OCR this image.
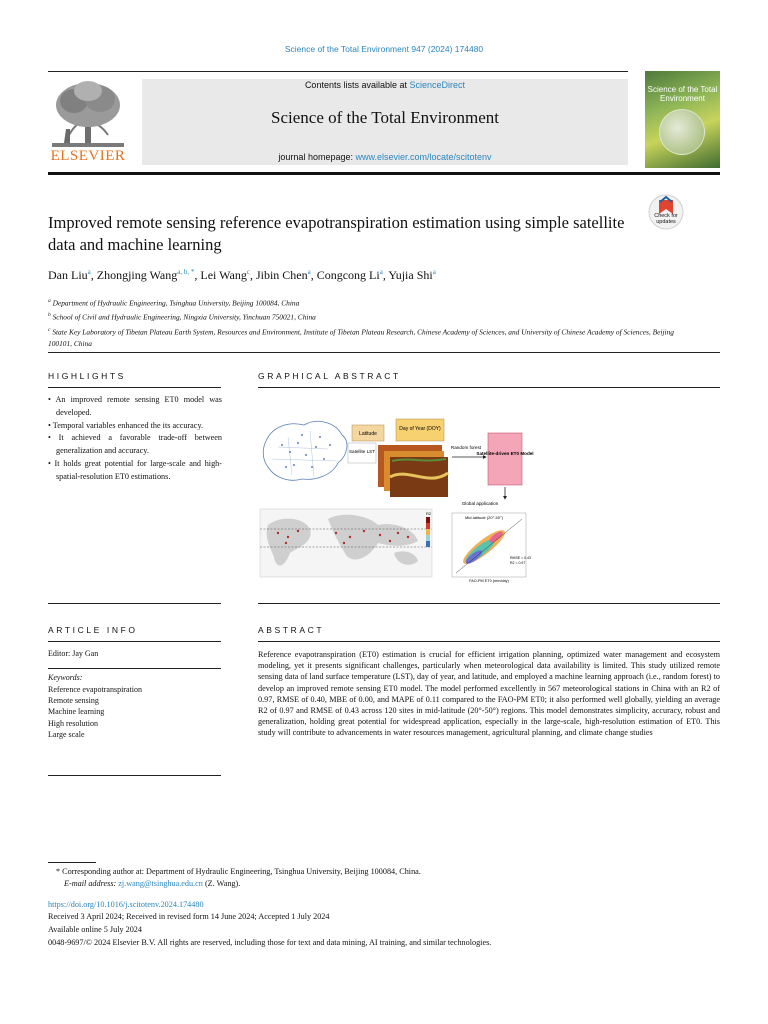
Science of the Total Environment 947 (2024) 174480
ELSEVIER
Contents lists available at ScienceDirect
Science of the Total Environment
journal homepage: www.elsevier.com/locate/scitotenv
Science of the Total Environment
Check for updates
Improved remote sensing reference evapotranspiration estimation using simple satellite data and machine learning
Dan Liu$^a$, Zhongjing Wang$^{a, b, *}$, Lei Wang$^c$, Jibin Chen$^a$, Congcong Li$^a$, Yujia Shi$^a$
$^a$ Department of Hydraulic Engineering, Tsinghua University, Beijing 100084, China
$^b$ School of Civil and Hydraulic Engineering, Ningxia University, Yinchuan 750021, China
$^c$ State Key Laboratory of Tibetan Plateau Earth System, Resources and Environment, Institute of Tibetan Plateau Research, Chinese Academy of Sciences, and University of Chinese Academy of Sciences, Beijing 100101, China
HIGHLIGHTS
• An improved remote sensing ET0 model was developed.
• Temporal variables enhanced the its accuracy.
• It achieved a favorable trade-off between generalization and accuracy.
• It holds great potential for large-scale and high-spatial-resolution ET0 estimations.
GRAPHICAL ABSTRACT
Latitude
Day of Year (DOY)
Satellite LST
Random forest
Satellite-driven ET0 Model
Global application
R2
Mid-latitude (20°-50°)
RMSE = 0.43
R2 = 0.97
FAO-PM ET0 (mm/day)
ARTICLE INFO
Editor: Jay Gan
Keywords:
Reference evapotranspiration
Remote sensing
Machine learning
High resolution
Large scale
ABSTRACT
Reference evapotranspiration (ET0) estimation is crucial for efficient irrigation planning, optimized water management and ecosystem modeling, yet it presents significant challenges, particularly when meteorological data availability is limited. This study utilized remote sensing data of land surface temperature (LST), day of year, and latitude, and employed a machine learning approach (i.e., random forest) to develop an improved remote sensing ET0 model. The model performed excellently in 567 meteorological stations in China with an R2 of 0.97, RMSE of 0.40, MBE of 0.00, and MAPE of 0.11 compared to the FAO-PM ET0; it also performed well globally, yielding an average R2 of 0.97 and RMSE of 0.43 across 120 sites in mid-latitude (20°-50°) regions. This model demonstrates simplicity, accuracy, robust and generalization, holding great potential for widespread application, especially in the large-scale, high-resolution estimation of ET0. This study will contribute to advancements in water resources management, agricultural planning, and climate change studies
* Corresponding author at: Department of Hydraulic Engineering, Tsinghua University, Beijing 100084, China.
E-mail address: zj.wang@tsinghua.edu.cn (Z. Wang).
https://doi.org/10.1016/j.scitotenv.2024.174480
Received 3 April 2024; Received in revised form 14 June 2024; Accepted 1 July 2024
Available online 5 July 2024
0048-9697/© 2024 Elsevier B.V. All rights are reserved, including those for text and data mining, AI training, and similar technologies.
